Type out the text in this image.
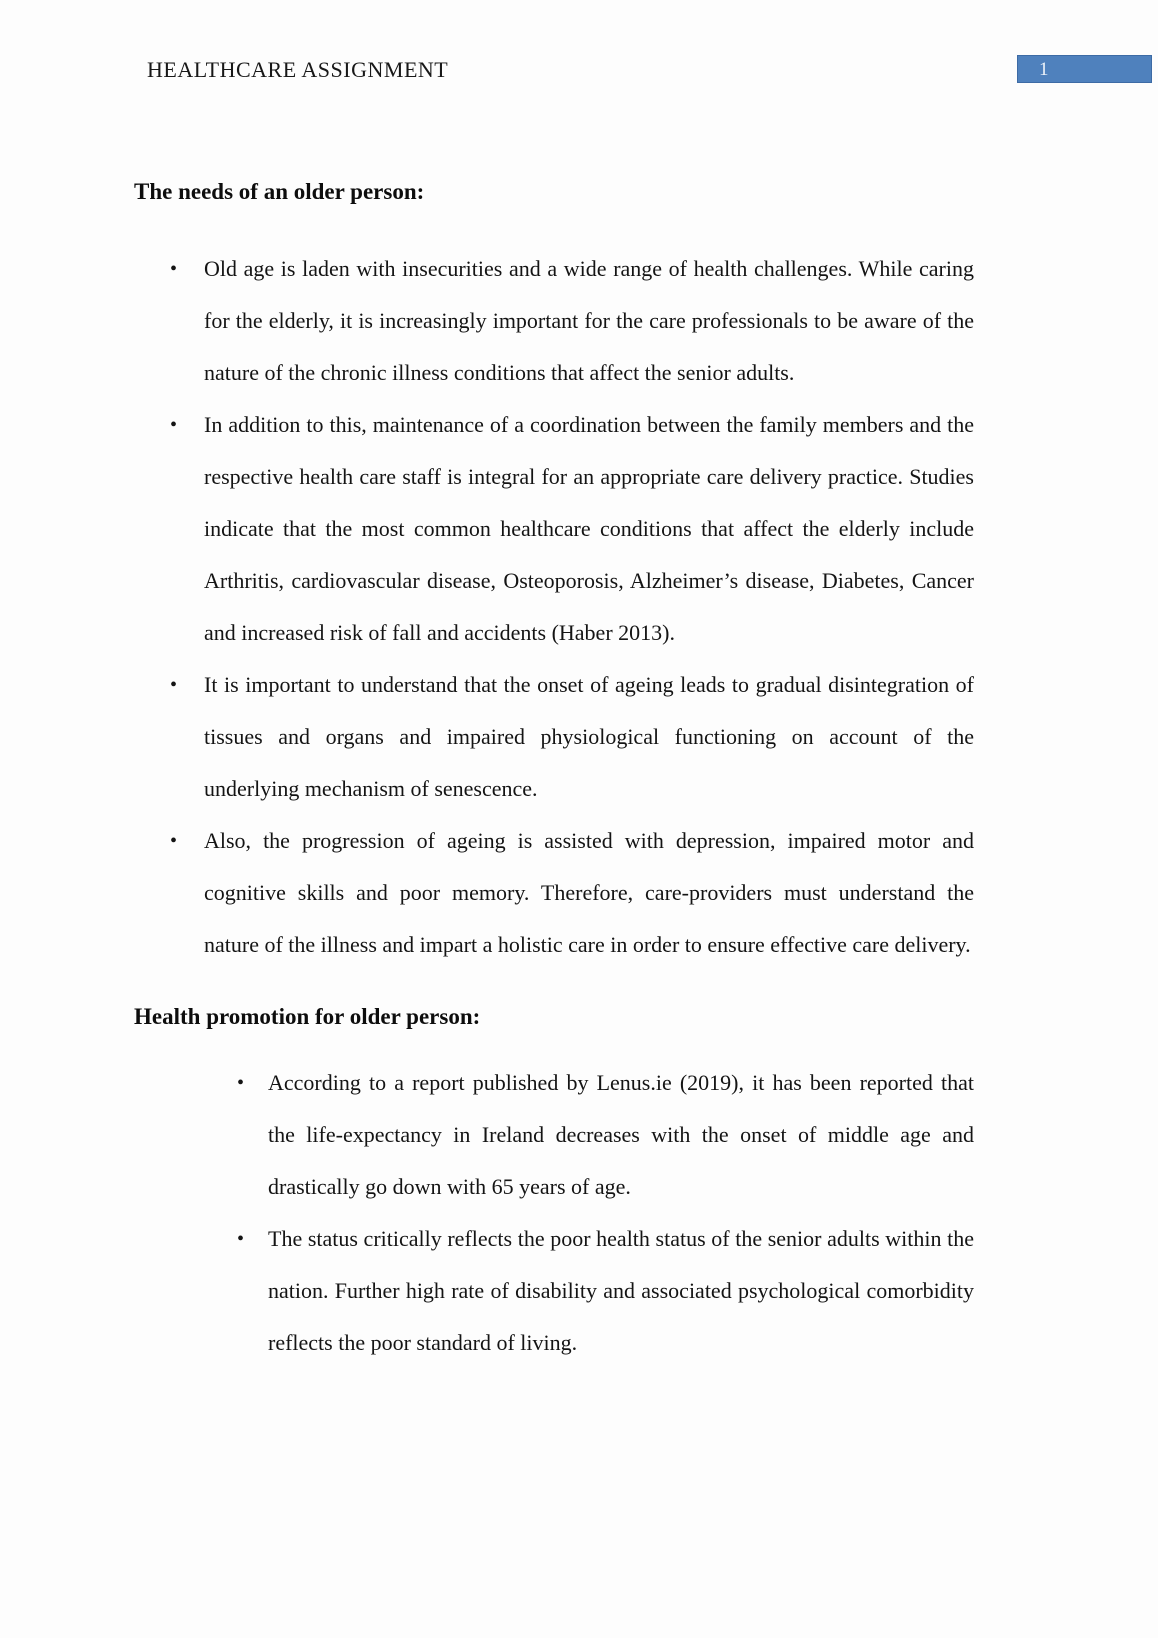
HEALTHCARE ASSIGNMENT	1
The needs of an older person:
• Old age is laden with insecurities and a wide range of health challenges. While caring for the elderly, it is increasingly important for the care professionals to be aware of the nature of the chronic illness conditions that affect the senior adults.
• In addition to this, maintenance of a coordination between the family members and the respective health care staff is integral for an appropriate care delivery practice. Studies indicate that the most common healthcare conditions that affect the elderly include Arthritis, cardiovascular disease, Osteoporosis, Alzheimer’s disease, Diabetes, Cancer and increased risk of fall and accidents (Haber 2013).
• It is important to understand that the onset of ageing leads to gradual disintegration of tissues and organs and impaired physiological functioning on account of the underlying mechanism of senescence.
• Also, the progression of ageing is assisted with depression, impaired motor and cognitive skills and poor memory. Therefore, care-providers must understand the nature of the illness and impart a holistic care in order to ensure effective care delivery.
Health promotion for older person:
• According to a report published by Lenus.ie (2019), it has been reported that the life-expectancy in Ireland decreases with the onset of middle age and drastically go down with 65 years of age.
• The status critically reflects the poor health status of the senior adults within the nation. Further high rate of disability and associated psychological comorbidity reflects the poor standard of living.
